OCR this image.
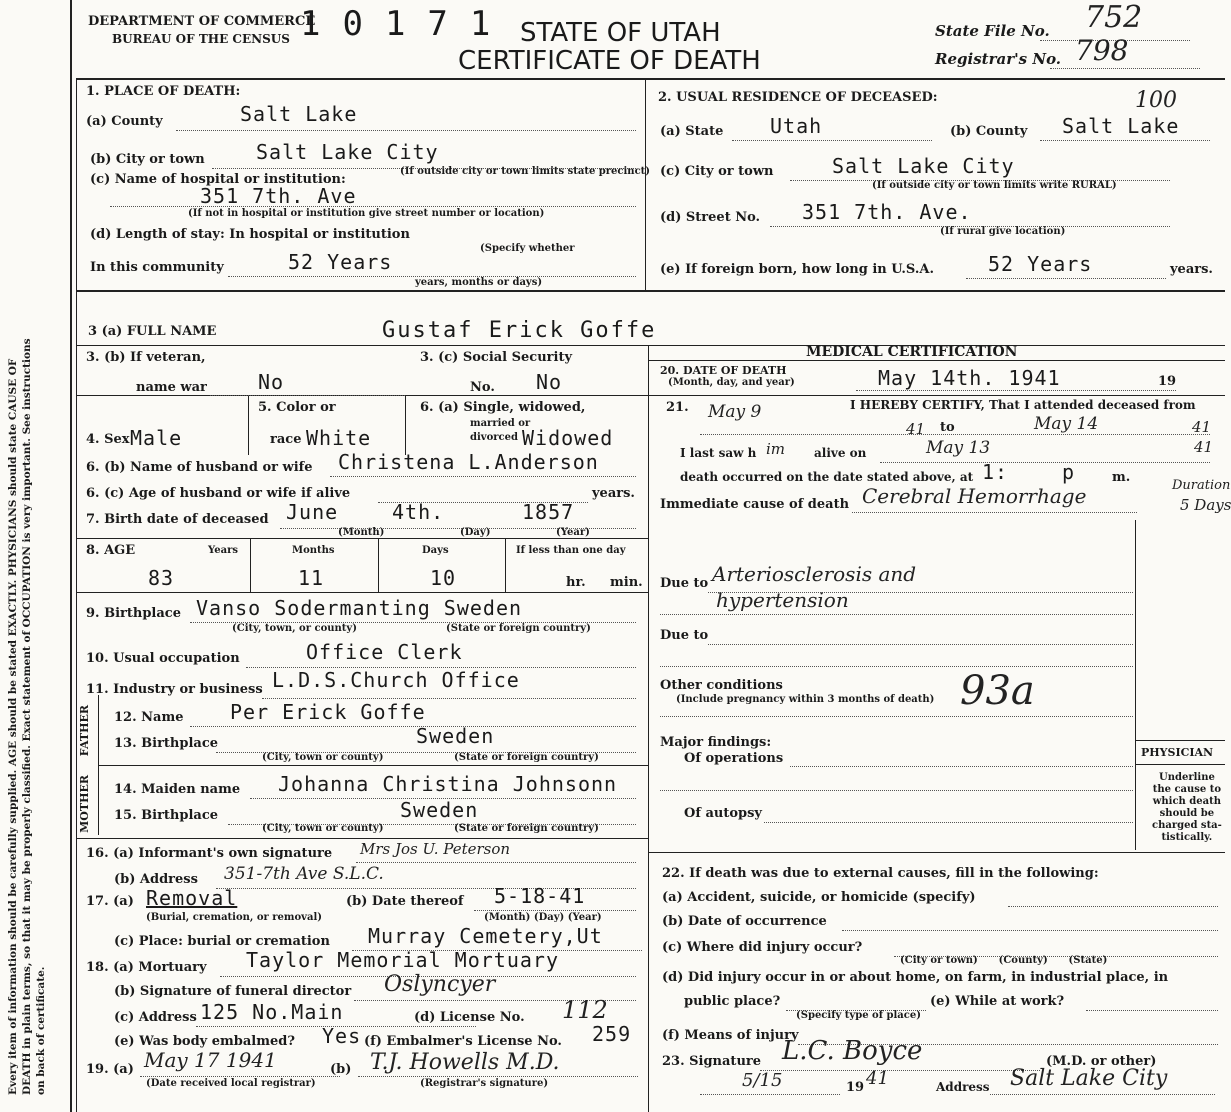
Every item of information should be carefully supplied. AGE should be stated EXACTLY. PHYSICIANS should state CAUSE OF DEATH in plain terms, so that it may be properly classified. Exact statement of OCCUPATION is very important. See instructions on back of certificate.
DEPARTMENT OF COMMERCE
BUREAU OF THE CENSUS 10171 STATE OF UTAH
CERTIFICATE OF DEATH
State File No. 752
Registrar's No. 798
1. PLACE OF DEATH:
(a) County	Salt Lake
(b) City or town	Salt Lake City
(If outside city or town limits state precinct)
(c) Name of hospital or institution:
351 7th. Ave
(If not in hospital or institution give street number or location)
(d) Length of stay: In hospital or institution
(Specify whether
In this community	52 Years
years, months or days)
2. USUAL RESIDENCE OF DECEASED:	100
(a) State Utah	(b) County Salt Lake
(c) City or town	Salt Lake City
(If outside city or town limits write RURAL)
(d) Street No. 351 7th. Ave.
(If rural give location)
(e) If foreign born, how long in U.S.A.	52 Years	years.
3 (a) FULL NAME	Gustaf Erick Goffe
3. (b) If veteran,
name war	No
3. (c) Social Security
No. No
4. Sex Male
5. Color or
race White
6. (a) Single, widowed,
married or
divorced Widowed
6. (b) Name of husband or wife Christena L.Anderson
6. (c) Age of husband or wife if alive	years.
7. Birth date of deceased June	4th.	1857
(Month)	(Day)	(Year)
8. AGE	Years	Months	Days	If less than one day
83	11	10	hr. min.
9. Birthplace Vanso Sodermanting Sweden
(City, town, or county)	(State or foreign country)
10. Usual occupation	Office Clerk
11. Industry or business L.D.S.Church Office
FATHER
MOTHER
12. Name Per Erick Goffe
13. Birthplace	Sweden
(City, town or county)	(State or foreign country)
14. Maiden name Johanna Christina Johnsonn
15. Birthplace	Sweden
(City, town or county)	(State or foreign country)
16. (a) Informant's own signature Mrs Jos U. Peterson
(b) Address 351-7th Ave S.L.C.
17. (a) Removal
(Burial, cremation, or removal)
(b) Date thereof 5-18-41
(Month) (Day) (Year)
(c) Place: burial or cremation Murray Cemetery,Ut
18. (a) Mortuary Taylor Memorial Mortuary
(b) Signature of funeral director Oslyncyer
(c) Address 125 No.Main	(d) License No. 112
(e) Was body embalmed? Yes (f) Embalmer's License No. 259
19. (a) May 17 1941
(Date received local registrar)
(b) T.J. Howells M.D.
(Registrar's signature)
MEDICAL CERTIFICATION
20. DATE OF DEATH
(Month, day, and year)	May 14th. 1941	19
21. May 9	I HEREBY CERTIFY, That I attended deceased from
41 to	May 14	41
I last saw h im alive on	May 13	41
death occurred on the date stated above, at 1:	p	m.
Immediate cause of death Cerebral Hemorrhage	Duration
5 Days
Due to Arteriosclerosis and
hypertension
Due to
Other conditions
(Include pregnancy within 3 months of death) 93a
Major findings:
Of operations
Of autopsy
PHYSICIAN
Underline
the cause to
which death
should be
charged sta-
tistically.
22. If death was due to external causes, fill in the following:
(a) Accident, suicide, or homicide (specify)
(b) Date of occurrence
(c) Where did injury occur?
(City or town)      (County)      (State)
(d) Did injury occur in or about home, on farm, in industrial place, in
public place?
(Specify type of place)
(e) While at work?
(f) Means of injury
23. Signature L.C. Boyce	(M.D. or other)
5/15	19 41	Address Salt Lake City
